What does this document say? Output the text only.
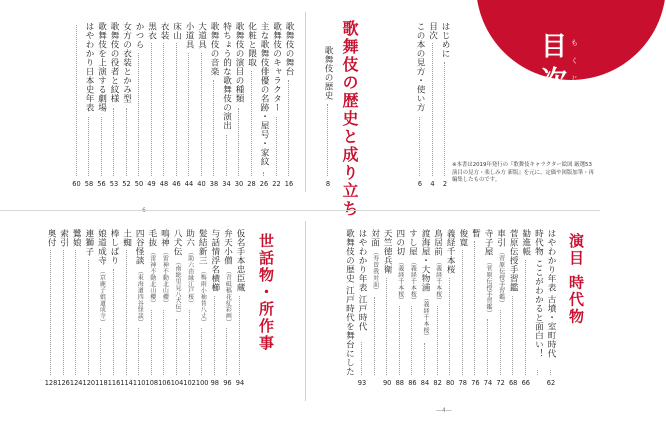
目
次
も
く
じ
※本書は2019年発行の『歌舞伎キャラクター絵図 厳選53演目の見方・楽しみ方 新版』を元に、定価や図版加筆・再編集したものです。
はじめに
2
目次
4
この本の見方・使い方
6
歌舞伎の歴史と成り立ち
歌舞伎の歴史
8
歌舞伎の舞台
16
歌舞伎のキャラクター
22
主な歌舞伎俳優の名跡・屋号・家紋
26
化粧と隈取
28
歌舞伎の演目の種類
30
特ちょう的な歌舞伎の演出
34
歌舞伎の音楽
38
大道具
40
小道具
44
床山
46
衣装
48
黒衣
49
かつら
50
女方の衣装とかみ型
52
歌舞伎の役者と紋様
53
歌舞伎を上演する劇場
56
はやわかり日本史年表
58
60
—6—
演目 時代物
はやわかり年表 古墳・室町時代
62
時代物 ここがわかると面白い！
勧進帳
66
菅原伝授手習鑑
68
車引
（菅原伝授手習鑑）
72
寺子屋
（菅原伝授手習鑑）
74
暫
76
俊寛
78
義経千本桜
80
鳥居前
（義経千本桜）
82
渡海屋・大物浦
（義経千本桜）
84
すし屋
（義経千本桜）
86
四の切
（義経千本桜）
88
天竺徳兵衛
90
対面
（寿曽我対面）
はやわかり年表 江戸時代
93
歌舞伎の歴史 江戸時代を舞台にした
世話物・所作事
仮名手本忠臣蔵
94
弁天小僧
（青砥稿花紅彩画）
96
与話情浮名横櫛
98
髪結新三
（梅雨小袖昔八丈）
100
助六
（助六由縁江戸桜）
102
八犬伝
（南総里見八犬伝）
104
鳴神
（雷神不動北山櫻）
106
毛抜
（雷神不動北山櫻）
108
四谷怪談
（東海道四谷怪談）
110
土蜘
114
棒しばり
116
娘道成寺
（京鹿子娘道成寺）
118
連獅子
120
鷺娘
124
索引
126
奥付
128
—4—
